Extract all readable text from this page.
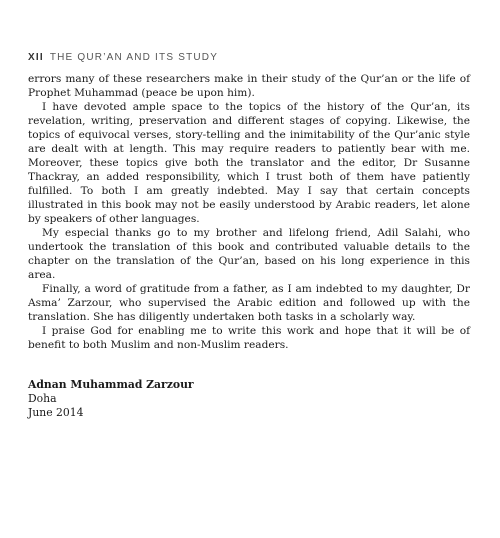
XII THE QUR’AN AND ITS STUDY

errors many of these researchers make in their study of the Qur’an or the life of Prophet Muhammad (peace be upon him).

I have devoted ample space to the topics of the history of the Qur’an, its revelation, writing, preservation and different stages of copying. Likewise, the topics of equivocal verses, story-telling and the inimitability of the Qur’anic style are dealt with at length. This may require readers to patiently bear with me. Moreover, these topics give both the translator and the editor, Dr Susanne Thackray, an added responsibility, which I trust both of them have patiently fulfilled. To both I am greatly indebted. May I say that certain concepts illustrated in this book may not be easily understood by Arabic readers, let alone by speakers of other languages.

My especial thanks go to my brother and lifelong friend, Adil Salahi, who undertook the translation of this book and contributed valuable details to the chapter on the translation of the Qur’an, based on his long experience in this area.

Finally, a word of gratitude from a father, as I am indebted to my daughter, Dr Asma’ Zarzour, who supervised the Arabic edition and followed up with the translation. She has diligently undertaken both tasks in a scholarly way.

I praise God for enabling me to write this work and hope that it will be of benefit to both Muslim and non-Muslim readers.

Adnan Muhammad Zarzour
Doha
June 2014
